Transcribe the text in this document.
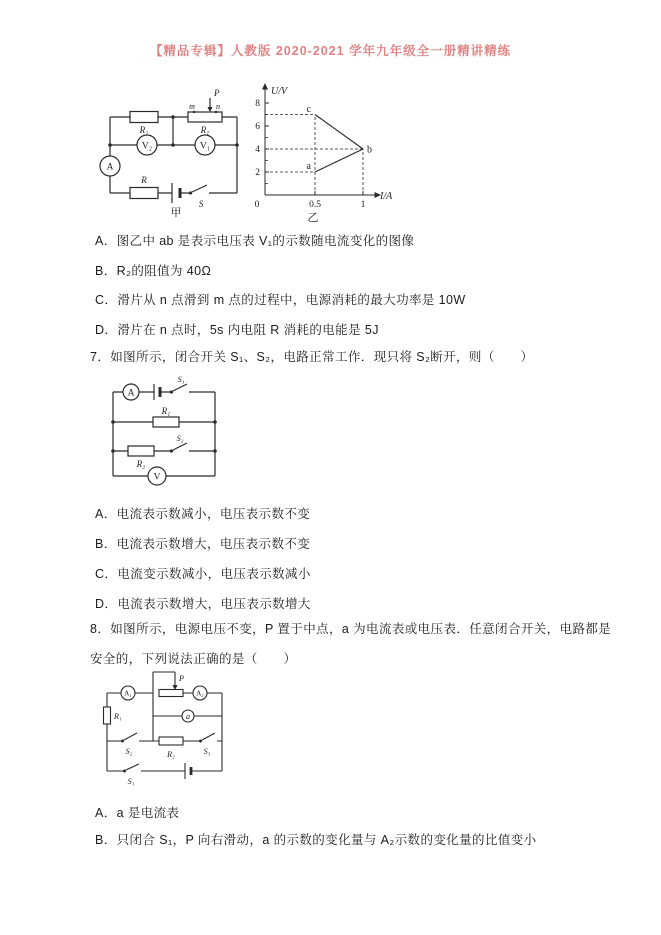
【精品专辑】人教版 2020-2021 学年九年级全一册精讲精练
R₂	R₁
P
m	n
V₂	V₁
A
R
S
甲
U/V
I/A
8
6
4
2
0	0.5	1
c
b
a
乙
A．图乙中 ab 是表示电压表 V₁的示数随电流变化的图像
B．R₂的阻值为 40Ω
C．滑片从 n 点滑到 m 点的过程中，电源消耗的最大功率是 10W
D．滑片在 n 点时，5s 内电阻 R 消耗的电能是 5J
7．如图所示，闭合开关 S₁、S₂，电路正常工作．现只将 S₂断开，则（　　）
A
S₁
R₁
S₂
R₂
V
A．电流表示数减小，电压表示数不变
B．电流表示数增大，电压表示数不变
C．电流变示数减小，电压表示数减小
D．电流表示数增大，电压表示数增大
8．如图所示，电源电压不变，P 置于中点，a 为电流表或电压表．任意闭合开关，电路都是
安全的，下列说法正确的是（　　）
A₁	A₂
P
R₁	a
S₂	R₂	S₃
S₁
A．a 是电流表
B．只闭合 S₁，P 向右滑动，a 的示数的变化量与 A₂示数的变化量的比值变小
